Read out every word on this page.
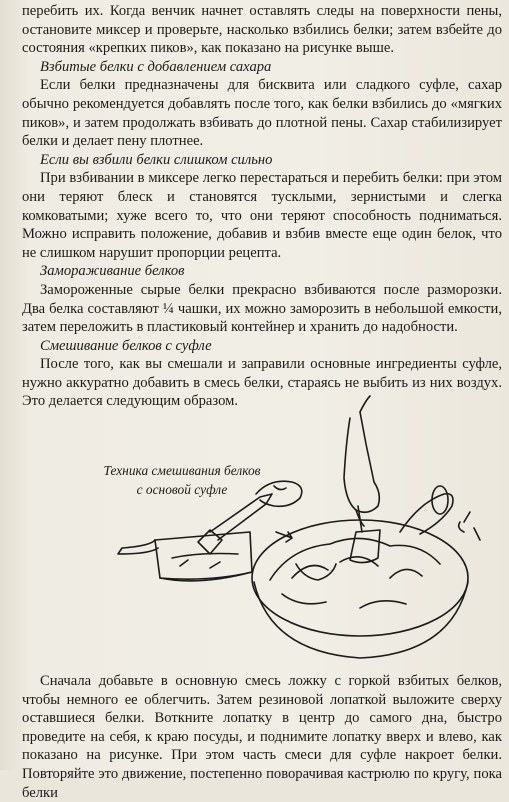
перебить их. Когда венчик начнет оставлять следы на поверхности пены, остановите миксер и проверьте, насколько взбились белки; затем взбейте до состояния «крепких пиков», как показано на рисунке выше.

Взбитые белки с добавлением сахара

Если белки предназначены для бисквита или сладкого суфле, сахар обычно рекомендуется добавлять после того, как белки взбились до «мягких пиков», и затем продолжать взбивать до плотной пены. Сахар стабилизирует белки и делает пену плотнее.

Если вы взбили белки слишком сильно

При взбивании в миксере легко перестараться и перебить белки: при этом они теряют блеск и становятся тусклыми, зернистыми и слегка комковатыми; хуже всего то, что они теряют способность подниматься. Можно исправить положение, добавив и взбив вместе еще один белок, что не слишком нарушит пропорции рецепта.

Замораживание белков

Замороженные сырые белки прекрасно взбиваются после разморозки. Два белка составляют ¼ чашки, их можно заморозить в небольшой емкости, затем переложить в пластиковый контейнер и хранить до надобности.

Смешивание белков с суфле

После того, как вы смешали и заправили основные ингредиенты суфле, нужно аккуратно добавить в смесь белки, стараясь не выбить из них воздух. Это делается следующим образом.

Техника смешивания белков
с основой суфле

Сначала добавьте в основную смесь ложку с горкой взбитых белков, чтобы немного ее облегчить. Затем резиновой лопаткой выложите сверху оставшиеся белки. Воткните лопатку в центр до самого дна, быстро проведите на себя, к краю посуды, и поднимите лопатку вверх и влево, как показано на рисунке. При этом часть смеси для суфле накроет белки. Повторяйте это движение, постепенно поворачивая кастрюлю по кругу, пока белки
